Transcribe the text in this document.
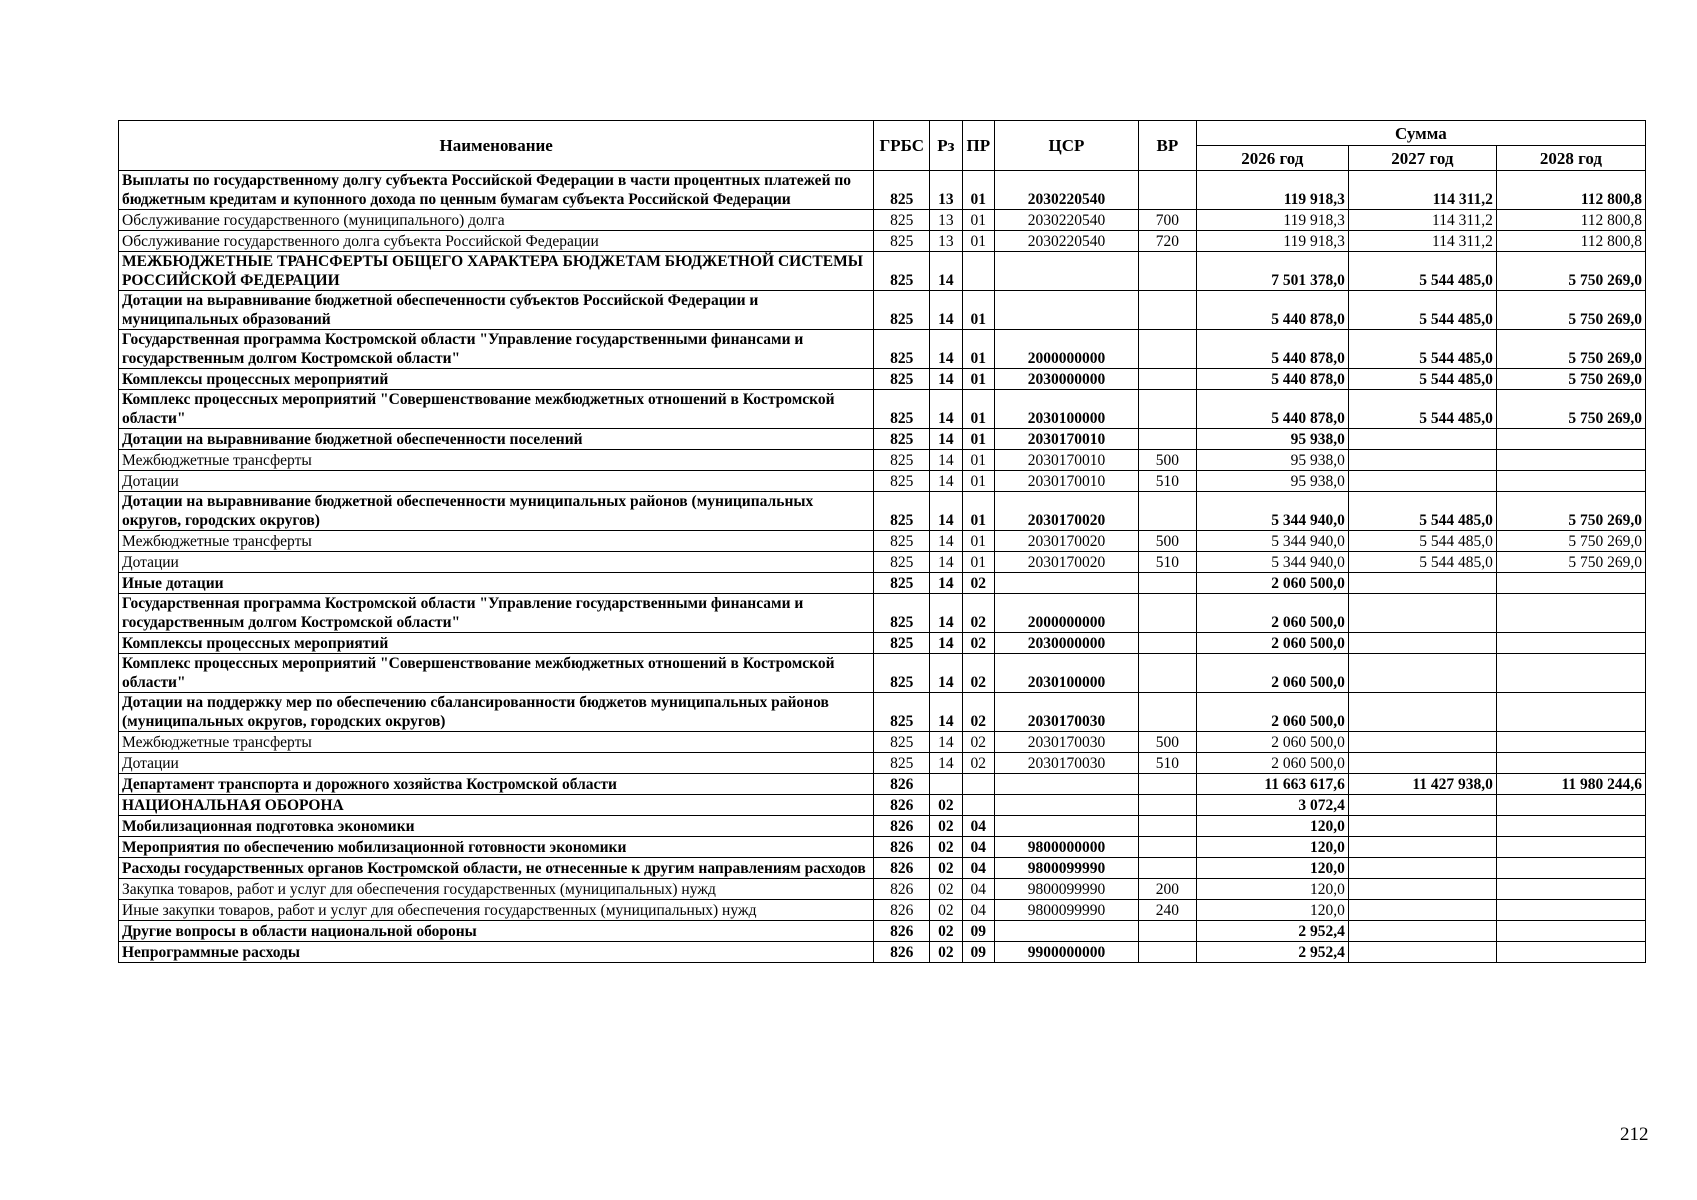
Наименование	ГРБС	Рз	ПР	ЦСР	ВР	Сумма		
						2026 год	2027 год	2028 год
Выплаты по государственному долгу субъекта Российской Федерации в части процентных платежей по бюджетным кредитам и купонного дохода по ценным бумагам субъекта Российской Федерации	825	13	01	2030220540		119 918,3	114 311,2	112 800,8
Обслуживание государственного (муниципального) долга	825	13	01	2030220540	700	119 918,3	114 311,2	112 800,8
Обслуживание государственного долга субъекта Российской Федерации	825	13	01	2030220540	720	119 918,3	114 311,2	112 800,8
МЕЖБЮДЖЕТНЫЕ ТРАНСФЕРТЫ ОБЩЕГО ХАРАКТЕРА БЮДЖЕТАМ БЮДЖЕТНОЙ СИСТЕМЫ РОССИЙСКОЙ ФЕДЕРАЦИИ	825	14				7 501 378,0	5 544 485,0	5 750 269,0
Дотации на выравнивание бюджетной обеспеченности субъектов Российской Федерации и муниципальных образований	825	14	01			5 440 878,0	5 544 485,0	5 750 269,0
Государственная программа Костромской области "Управление государственными финансами и государственным долгом Костромской области"	825	14	01	2000000000		5 440 878,0	5 544 485,0	5 750 269,0
Комплексы процессных мероприятий	825	14	01	2030000000		5 440 878,0	5 544 485,0	5 750 269,0
Комплекс процессных мероприятий "Совершенствование межбюджетных отношений в Костромской области"	825	14	01	2030100000		5 440 878,0	5 544 485,0	5 750 269,0
Дотации на выравнивание бюджетной обеспеченности поселений	825	14	01	2030170010		95 938,0		
Межбюджетные трансферты	825	14	01	2030170010	500	95 938,0		
Дотации	825	14	01	2030170010	510	95 938,0		
Дотации на выравнивание бюджетной обеспеченности муниципальных районов (муниципальных округов, городских округов)	825	14	01	2030170020		5 344 940,0	5 544 485,0	5 750 269,0
Межбюджетные трансферты	825	14	01	2030170020	500	5 344 940,0	5 544 485,0	5 750 269,0
Дотации	825	14	01	2030170020	510	5 344 940,0	5 544 485,0	5 750 269,0
Иные дотации	825	14	02			2 060 500,0		
Государственная программа Костромской области "Управление государственными финансами и государственным долгом Костромской области"	825	14	02	2000000000		2 060 500,0		
Комплексы процессных мероприятий	825	14	02	2030000000		2 060 500,0		
Комплекс процессных мероприятий "Совершенствование межбюджетных отношений в Костромской области"	825	14	02	2030100000		2 060 500,0		
Дотации на поддержку мер по обеспечению сбалансированности бюджетов муниципальных районов (муниципальных округов, городских округов)	825	14	02	2030170030		2 060 500,0		
Межбюджетные трансферты	825	14	02	2030170030	500	2 060 500,0		
Дотации	825	14	02	2030170030	510	2 060 500,0		
Департамент транспорта и дорожного хозяйства Костромской области	826					11 663 617,6	11 427 938,0	11 980 244,6
НАЦИОНАЛЬНАЯ ОБОРОНА	826	02				3 072,4		
Мобилизационная подготовка экономики	826	02	04			120,0		
Мероприятия по обеспечению мобилизационной готовности экономики	826	02	04	9800000000		120,0		
Расходы государственных органов Костромской области, не отнесенные к другим направлениям расходов	826	02	04	9800099990		120,0		
Закупка товаров, работ и услуг для обеспечения государственных (муниципальных) нужд	826	02	04	9800099990	200	120,0		
Иные закупки товаров, работ и услуг для обеспечения государственных (муниципальных) нужд	826	02	04	9800099990	240	120,0		
Другие вопросы в области национальной обороны	826	02	09			2 952,4		
Непрограммные расходы	826	02	09	9900000000		2 952,4		
212
